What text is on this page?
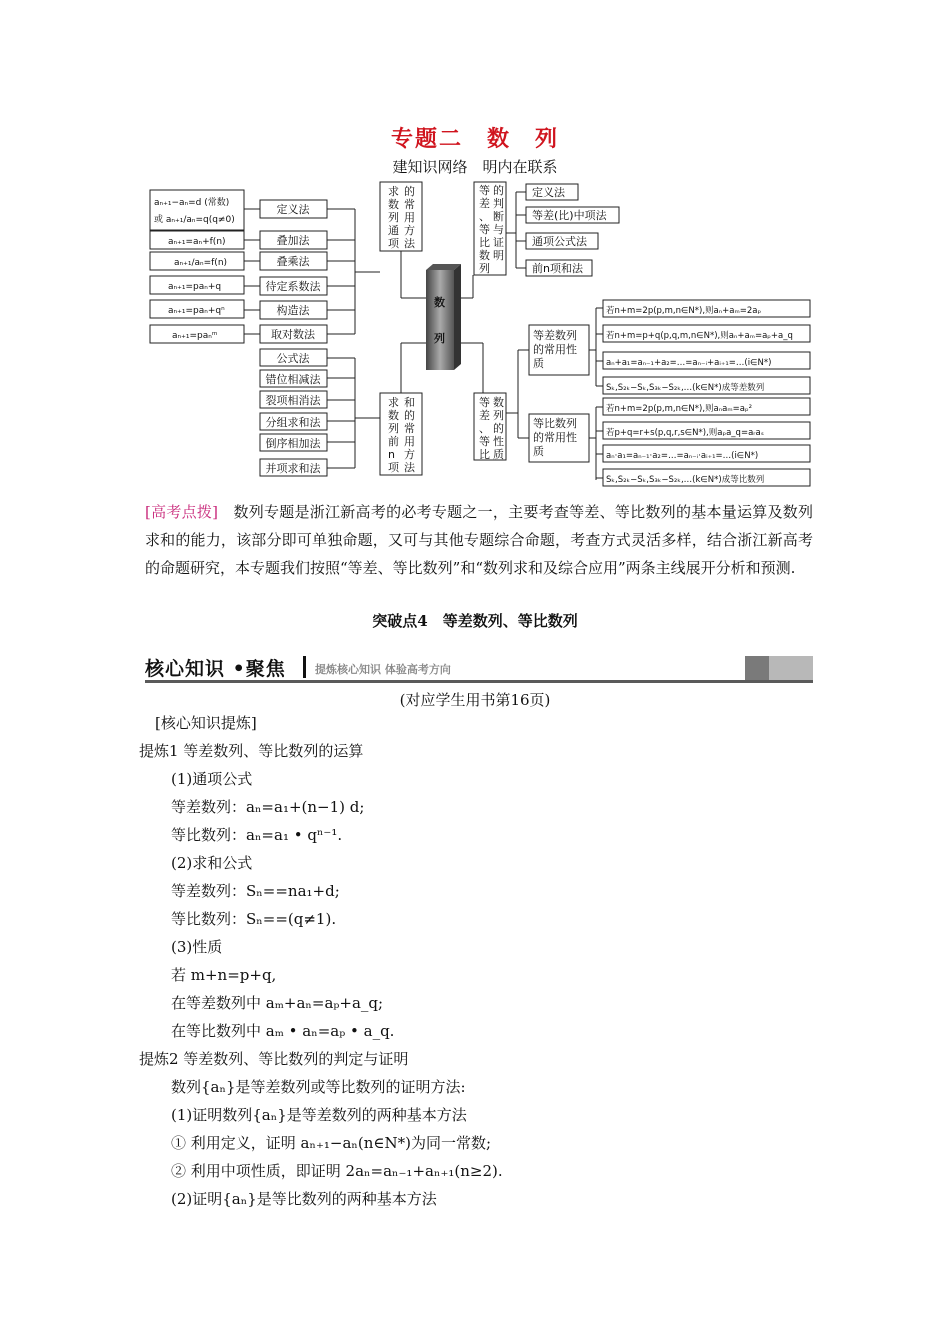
专题二　数　列
建知识网络　明内在联系
aₙ₊₁−aₙ=d (常数)
或 aₙ₊₁/aₙ=q(q≠0)
aₙ₊₁=aₙ+f(n)
aₙ₊₁/aₙ=f(n)
aₙ₊₁=paₙ+q
aₙ₊₁=paₙ+qⁿ
aₙ₊₁=paₙᵐ
定义法
叠加法
叠乘法
待定系数法
构造法
取对数法
求 的 数 常 列 用 通 方 项 法
数
列
公式法
错位相减法
裂项相消法
分组求和法
倒序相加法
并项求和法
求 和 数 的 列 常 前 用 n 方 项 法
等 的 差 判 、 断 等 与 比 证 数 明 列
定义法
等差(比)中项法
通项公式法
前n项和法
等 数 差 列 、 的 等 性 比 质
等差数列 的常用性 质
等比数列 的常用性 质
若n+m=2p(p,m,n∈N*),则aₙ+aₘ=2aₚ
若n+m=p+q(p,q,m,n∈N*),则aₙ+aₘ=aₚ+a_q
aₙ+a₁=aₙ₋₁+a₂=…=aₙ₋ᵢ+aᵢ₊₁=…(i∈N*)
Sₖ,S₂ₖ−Sₖ,S₃ₖ−S₂ₖ,…(k∈N*)成等差数列
若n+m=2p(p,m,n∈N*),则aₙaₘ=aₚ²
若p+q=r+s(p,q,r,s∈N*),则aₚa_q=aᵣaₛ
aₙ·a₁=aₙ₋₁·a₂=…=aₙ₋ᵢ·aᵢ₊₁=…(i∈N*)
Sₖ,S₂ₖ−Sₖ,S₃ₖ−S₂ₖ,…(k∈N*)成等比数列
[高考点拨]　数列专题是浙江新高考的必考专题之一，主要考查等差、等比数列的基本量运算及数列求和的能力，该部分即可单独命题，又可与其他专题综合命题，考查方式灵活多样，结合浙江新高考的命题研究，本专题我们按照“等差、等比数列”和“数列求和及综合应用”两条主线展开分析和预测.
突破点4　等差数列、等比数列
核心知识 •聚焦	提炼核心知识 体验高考方向
(对应学生用书第16页)
[核心知识提炼]
提炼1 等差数列、等比数列的运算
(1)通项公式
等差数列：aₙ=a₁+(n−1) d;
等比数列：aₙ=a₁ • qⁿ⁻¹.
(2)求和公式
等差数列：Sₙ==na₁+d;
等比数列：Sₙ==(q≠1).
(3)性质
若 m+n=p+q,
在等差数列中 aₘ+aₙ=aₚ+a_q;
在等比数列中 aₘ • aₙ=aₚ • a_q.
提炼2 等差数列、等比数列的判定与证明
数列{aₙ}是等差数列或等比数列的证明方法:
(1)证明数列{aₙ}是等差数列的两种基本方法
① 利用定义，证明 aₙ₊₁−aₙ(n∈N*)为同一常数;
② 利用中项性质，即证明 2aₙ=aₙ₋₁+aₙ₊₁(n≥2).
(2)证明{aₙ}是等比数列的两种基本方法
